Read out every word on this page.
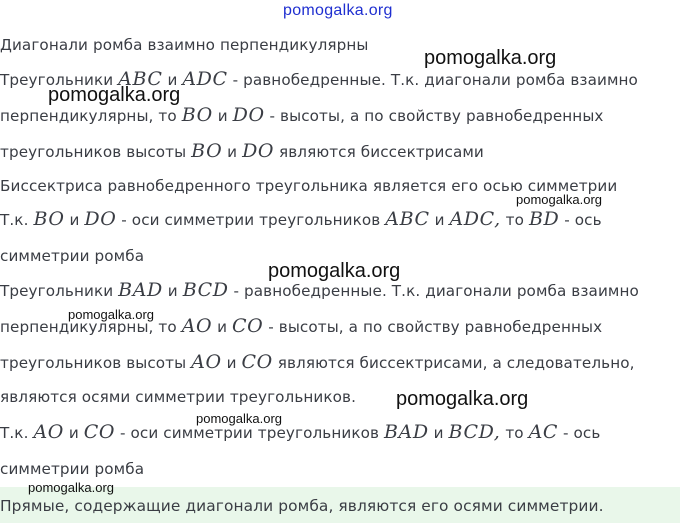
pomogalka.org
Диагонали ромба взаимно перпендикулярны
Треугольники ABC и ADC - равнобедренные. Т.к. диагонали ромба взаимно
перпендикулярны, то BO и DO - высоты, а по свойству равнобедренных
треугольников высоты BO и DO являются биссектрисами
Биссектриса равнобедренного треугольника является его осью симметрии
Т.к. BO и DO - оси симметрии треугольников ABC и ADC, то BD - ось
симметрии ромба
Треугольники BAD и BCD - равнобедренные. Т.к. диагонали ромба взаимно
перпендикулярны, то AO и CO - высоты, а по свойству равнобедренных
треугольников высоты AO и CO являются биссектрисами, а следовательно,
являются осями симметрии треугольников.
Т.к. AO и CO - оси симметрии треугольников BAD и BCD, то AC - ось
симметрии ромба
Прямые, содержащие диагонали ромба, являются его осями симметрии.
pomogalka.org
pomogalka.org
pomogalka.org
pomogalka.org
pomogalka.org
pomogalka.org
pomogalka.org
pomogalka.org
